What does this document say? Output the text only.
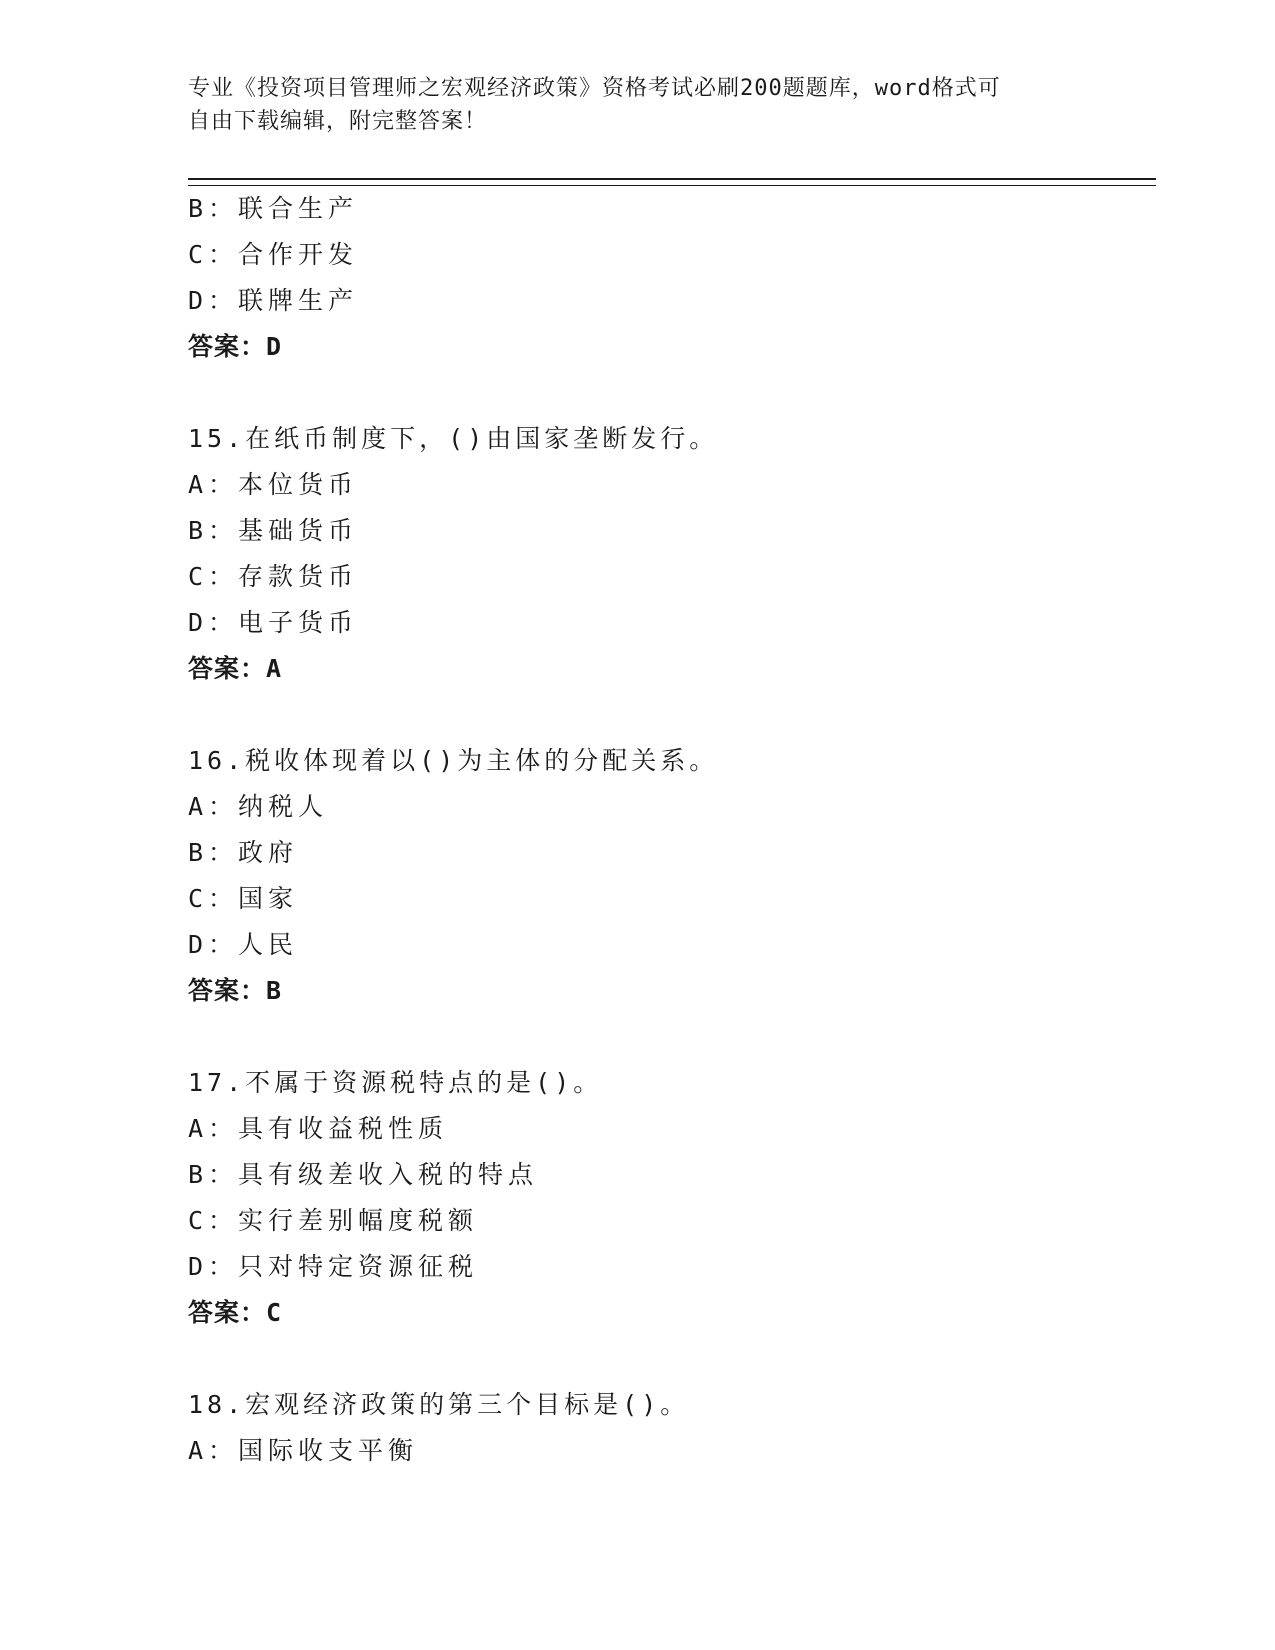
专业《投资项目管理师之宏观经济政策》资格考试必刷200题题库，word格式可
自由下载编辑，附完整答案！
B：联合生产
C：合作开发
D：联牌生产
答案：D
15.在纸币制度下，()由国家垄断发行。
A：本位货币
B：基础货币
C：存款货币
D：电子货币
答案：A
16.税收体现着以()为主体的分配关系。
A：纳税人
B：政府
C：国家
D：人民
答案：B
17.不属于资源税特点的是()。
A：具有收益税性质
B：具有级差收入税的特点
C：实行差别幅度税额
D：只对特定资源征税
答案：C
18.宏观经济政策的第三个目标是()。
A：国际收支平衡
